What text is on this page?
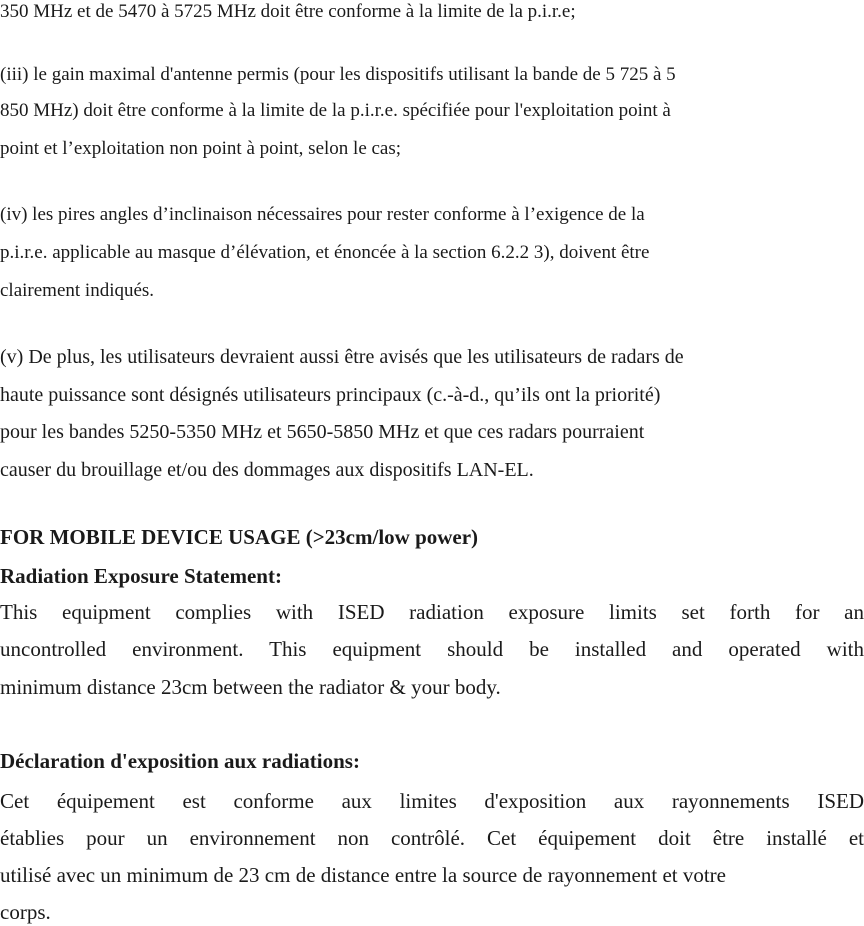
350 MHz et de 5470 à 5725 MHz doit être conforme à la limite de la p.i.r.e;
(iii) le gain maximal d'antenne permis (pour les dispositifs utilisant la bande de 5 725 à 5
850 MHz) doit être conforme à la limite de la p.i.r.e. spécifiée pour l'exploitation point à
point et l’exploitation non point à point, selon le cas;
(iv) les pires angles d’inclinaison nécessaires pour rester conforme à l’exigence de la
p.i.r.e. applicable au masque d’élévation, et énoncée à la section 6.2.2 3), doivent être
clairement indiqués.
(v) De plus, les utilisateurs devraient aussi être avisés que les utilisateurs de radars de
haute puissance sont désignés utilisateurs principaux (c.-à-d., qu’ils ont la priorité)
pour les bandes 5250-5350 MHz et 5650-5850 MHz et que ces radars pourraient
causer du brouillage et/ou des dommages aux dispositifs LAN-EL.
FOR MOBILE DEVICE USAGE (>23cm/low power)
Radiation Exposure Statement:
This equipment complies with ISED radiation exposure limits set forth for an
uncontrolled environment. This equipment should be installed and operated with
minimum distance 23cm between the radiator & your body.
Déclaration d'exposition aux radiations:
Cet équipement est conforme aux limites d'exposition aux rayonnements ISED
établies pour un environnement non contrôlé. Cet équipement doit être installé et
utilisé avec un minimum de 23 cm de distance entre la source de rayonnement et votre
corps.
